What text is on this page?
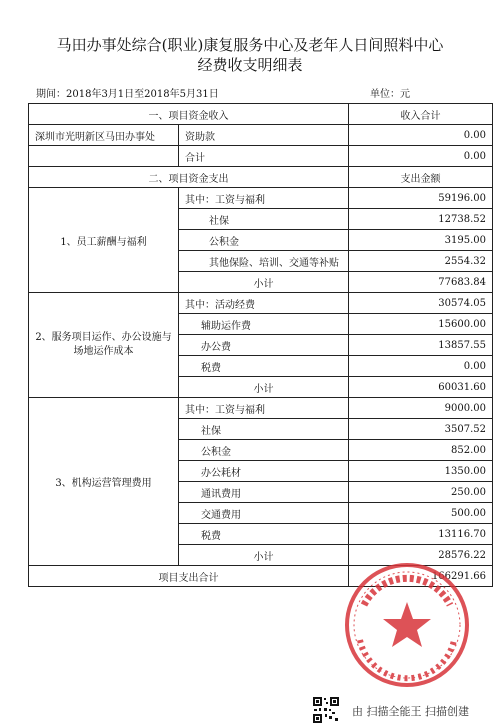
马田办事处综合(职业)康复服务中心及老年人日间照料中心
经费收支明细表
期间：2018年3月1日至2018年5月31日	单位：元
一、项目资金收入		收入合计
深圳市光明新区马田办事处	资助款	0.00
	合计	0.00
二、项目资金支出		支出金额
1、员工薪酬与福利	其中：工资与福利	59196.00
	社保	12738.52
	公积金	3195.00
	其他保险、培训、交通等补贴	2554.32
	小计	77683.84
2、服务项目运作、办公设施与场地运作成本	其中：活动经费	30574.05
	辅助运作费	15600.00
	办公费	13857.55
	税费	0.00
	小计	60031.60
3、机构运营管理费用	其中：工资与福利	9000.00
	社保	3507.52
	公积金	852.00
	办公耗材	1350.00
	通讯费用	250.00
	交通费用	500.00
	税费	13116.70
	小计	28576.22
项目支出合计		166291.66
由 扫描全能王 扫描创建
